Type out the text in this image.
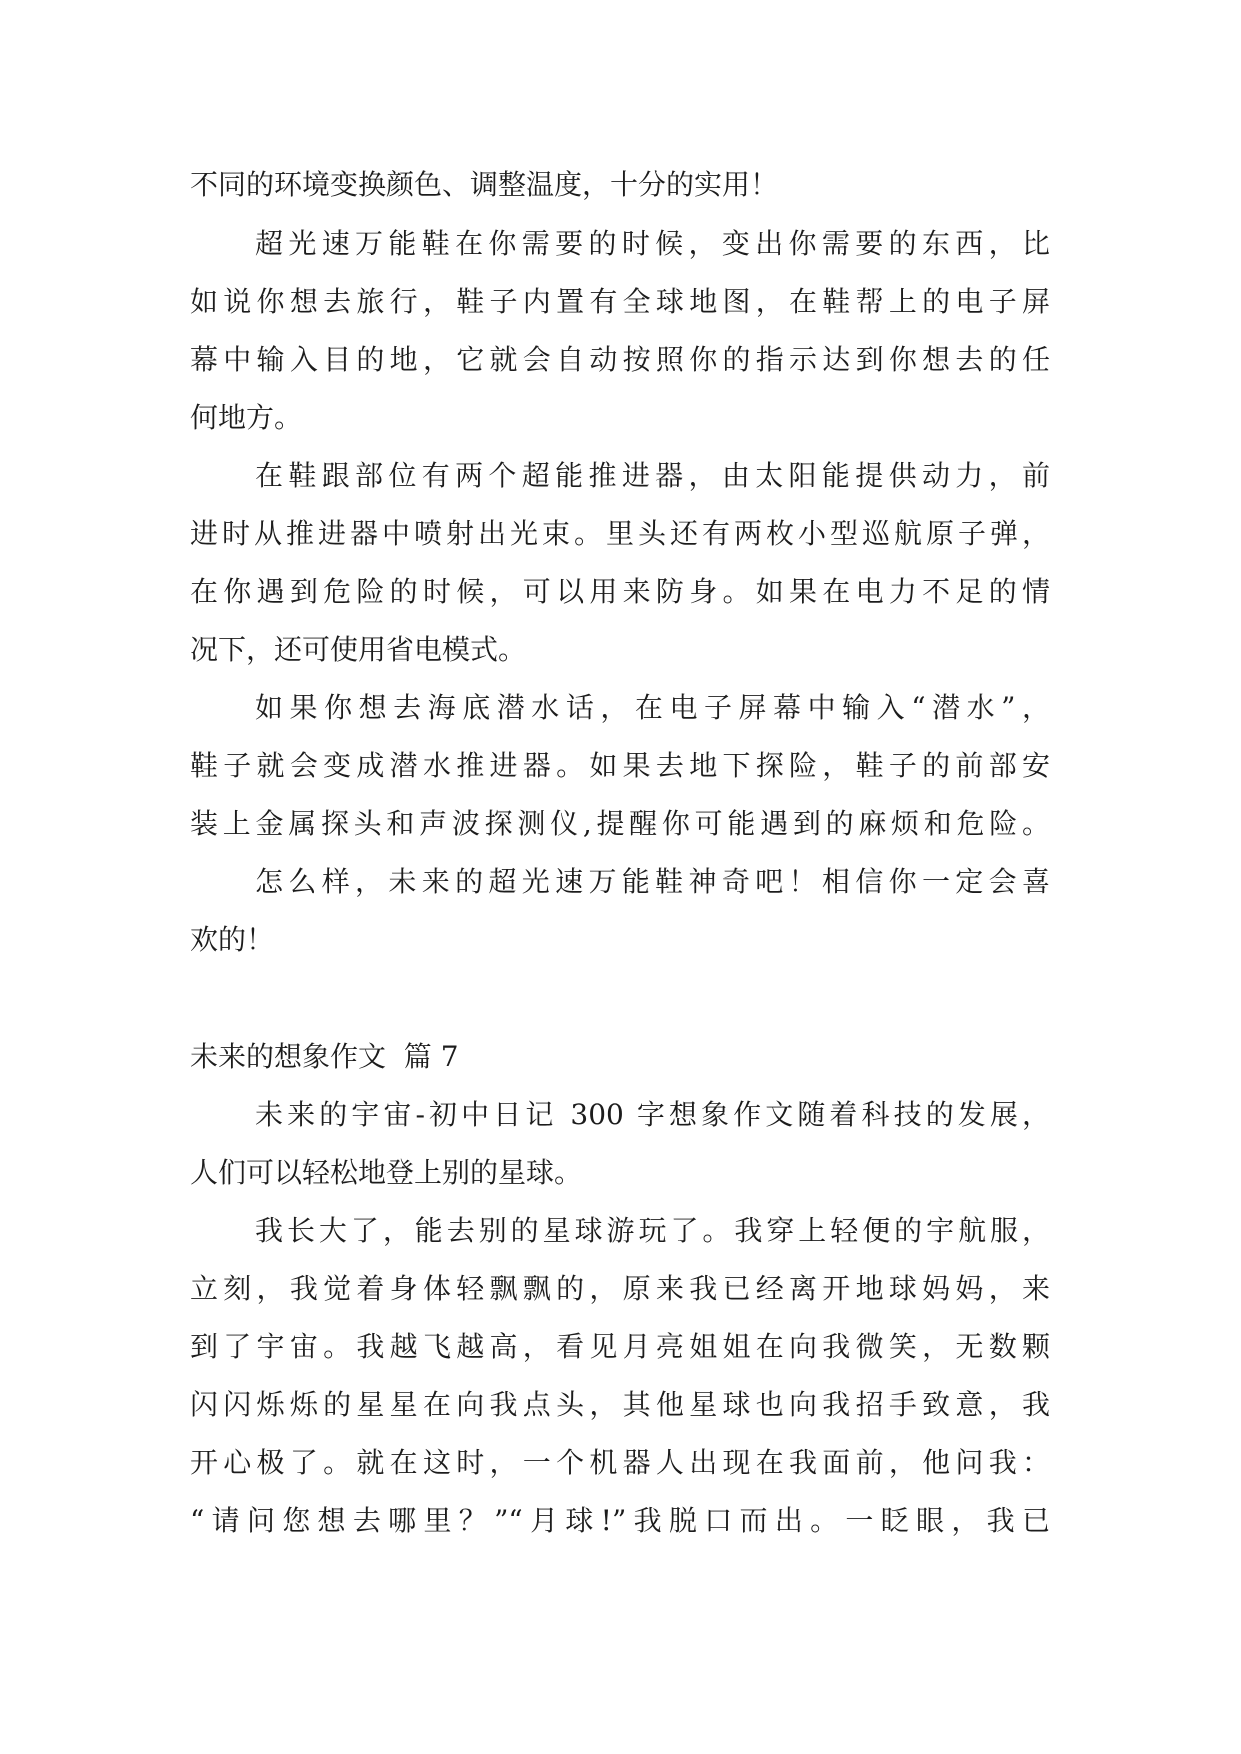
不同的环境变换颜色、调整温度，十分的实用！
超光速万能鞋在你需要的时候，变出你需要的东西，比
如说你想去旅行，鞋子内置有全球地图，在鞋帮上的电子屏
幕中输入目的地，它就会自动按照你的指示达到你想去的任
何地方。
在鞋跟部位有两个超能推进器，由太阳能提供动力，前
进时从推进器中喷射出光束。里头还有两枚小型巡航原子弹，
在你遇到危险的时候，可以用来防身。如果在电力不足的情
况下，还可使用省电模式。
如果你想去海底潜水话，在电子屏幕中输入“潜水”，
鞋子就会变成潜水推进器。如果去地下探险，鞋子的前部安
装上金属探头和声波探测仪,提醒你可能遇到的麻烦和危险。
怎么样，未来的超光速万能鞋神奇吧！相信你一定会喜
欢的！
未来的想象作文  篇 7
未来的宇宙-初中日记 300 字想象作文随着科技的发展，
人们可以轻松地登上别的星球。
我长大了，能去别的星球游玩了。我穿上轻便的宇航服，
立刻，我觉着身体轻飘飘的，原来我已经离开地球妈妈，来
到了宇宙。我越飞越高，看见月亮姐姐在向我微笑，无数颗
闪闪烁烁的星星在向我点头，其他星球也向我招手致意，我
开心极了。就在这时，一个机器人出现在我面前，他问我：
“请问您想去哪里？”“月球!”我脱口而出。一眨眼，我已
